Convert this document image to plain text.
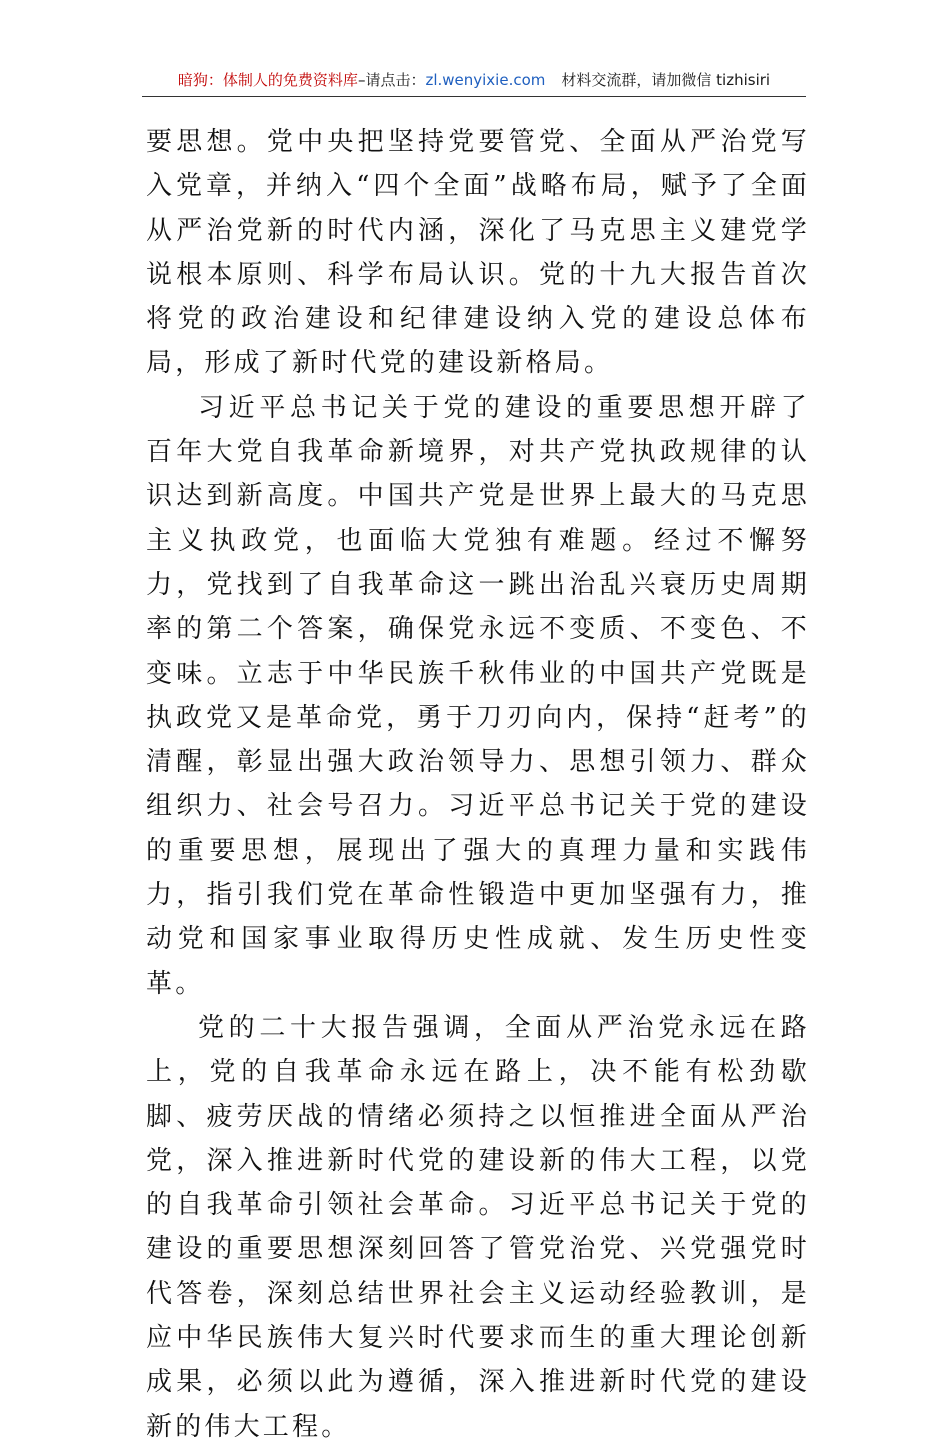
暗狗：体制人的免费资料库–请点击：zl.wenyixie.com 材料交流群，请加微信 tizhisiri

要思想。党中央把坚持党要管党、全面从严治党写入党章，并纳入“四个全面”战略布局，赋予了全面从严治党新的时代内涵，深化了马克思主义建党学说根本原则、科学布局认识。党的十九大报告首次将党的政治建设和纪律建设纳入党的建设总体布局，形成了新时代党的建设新格局。

习近平总书记关于党的建设的重要思想开辟了百年大党自我革命新境界，对共产党执政规律的认识达到新高度。中国共产党是世界上最大的马克思主义执政党，也面临大党独有难题。经过不懈努力，党找到了自我革命这一跳出治乱兴衰历史周期率的第二个答案，确保党永远不变质、不变色、不变味。立志于中华民族千秋伟业的中国共产党既是执政党又是革命党，勇于刀刃向内，保持“赶考”的清醒，彰显出强大政治领导力、思想引领力、群众组织力、社会号召力。习近平总书记关于党的建设的重要思想，展现出了强大的真理力量和实践伟力，指引我们党在革命性锻造中更加坚强有力，推动党和国家事业取得历史性成就、发生历史性变革。

党的二十大报告强调，全面从严治党永远在路上，党的自我革命永远在路上，决不能有松劲歇脚、疲劳厌战的情绪必须持之以恒推进全面从严治党，深入推进新时代党的建设新的伟大工程，以党的自我革命引领社会革命。习近平总书记关于党的建设的重要思想深刻回答了管党治党、兴党强党时代答卷，深刻总结世界社会主义运动经验教训，是应中华民族伟大复兴时代要求而生的重大理论创新成果，必须以此为遵循，深入推进新时代党的建设新的伟大工程。
